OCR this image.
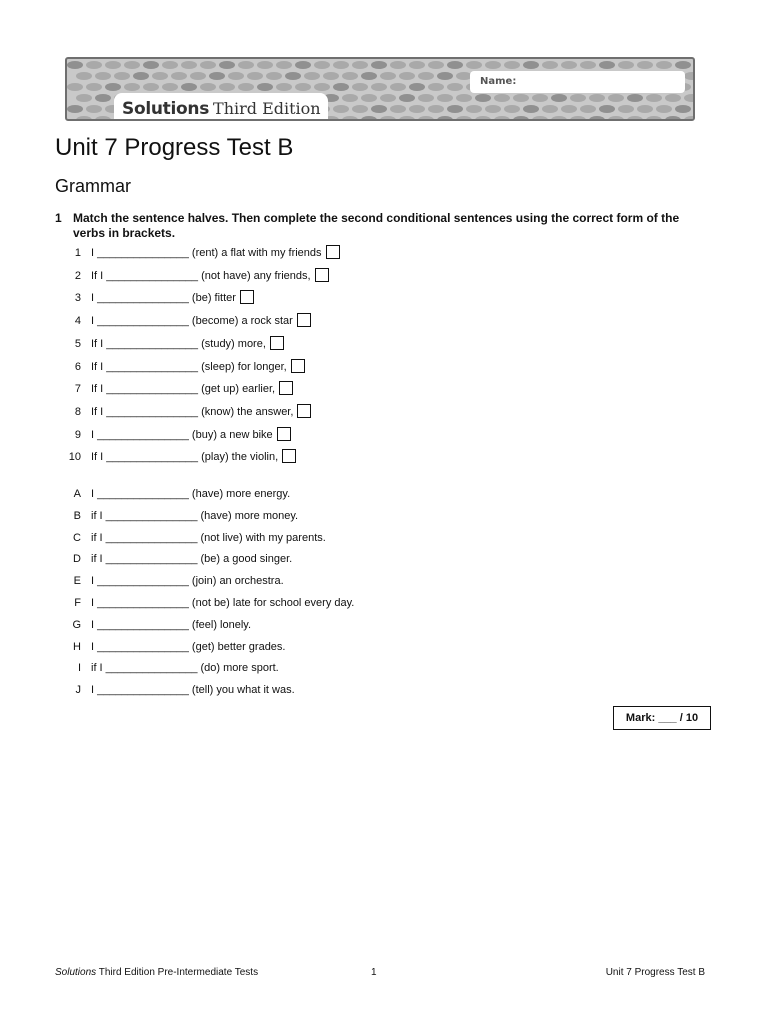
Name:
Solutions Third Edition
Unit 7 Progress Test B
Grammar
1 Match the sentence halves. Then complete the second conditional sentences using the correct form of the verbs in brackets.
1 I _______________ (rent) a flat with my friends
2 If I _______________ (not have) any friends,
3 I _______________ (be) fitter
4 I _______________ (become) a rock star
5 If I _______________ (study) more,
6 If I _______________ (sleep) for longer,
7 If I _______________ (get up) earlier,
8 If I _______________ (know) the answer,
9 I _______________ (buy) a new bike
10 If I _______________ (play) the violin,
A I _______________ (have) more energy.
B if I _______________ (have) more money.
C if I _______________ (not live) with my parents.
D if I _______________ (be) a good singer.
E I _______________ (join) an orchestra.
F I _______________ (not be) late for school every day.
G I _______________ (feel) lonely.
H I _______________ (get) better grades.
I if I _______________ (do) more sport.
J I _______________ (tell) you what it was.
Mark: ___ / 10
Solutions Third Edition Pre-Intermediate Tests	1	Unit 7 Progress Test B
